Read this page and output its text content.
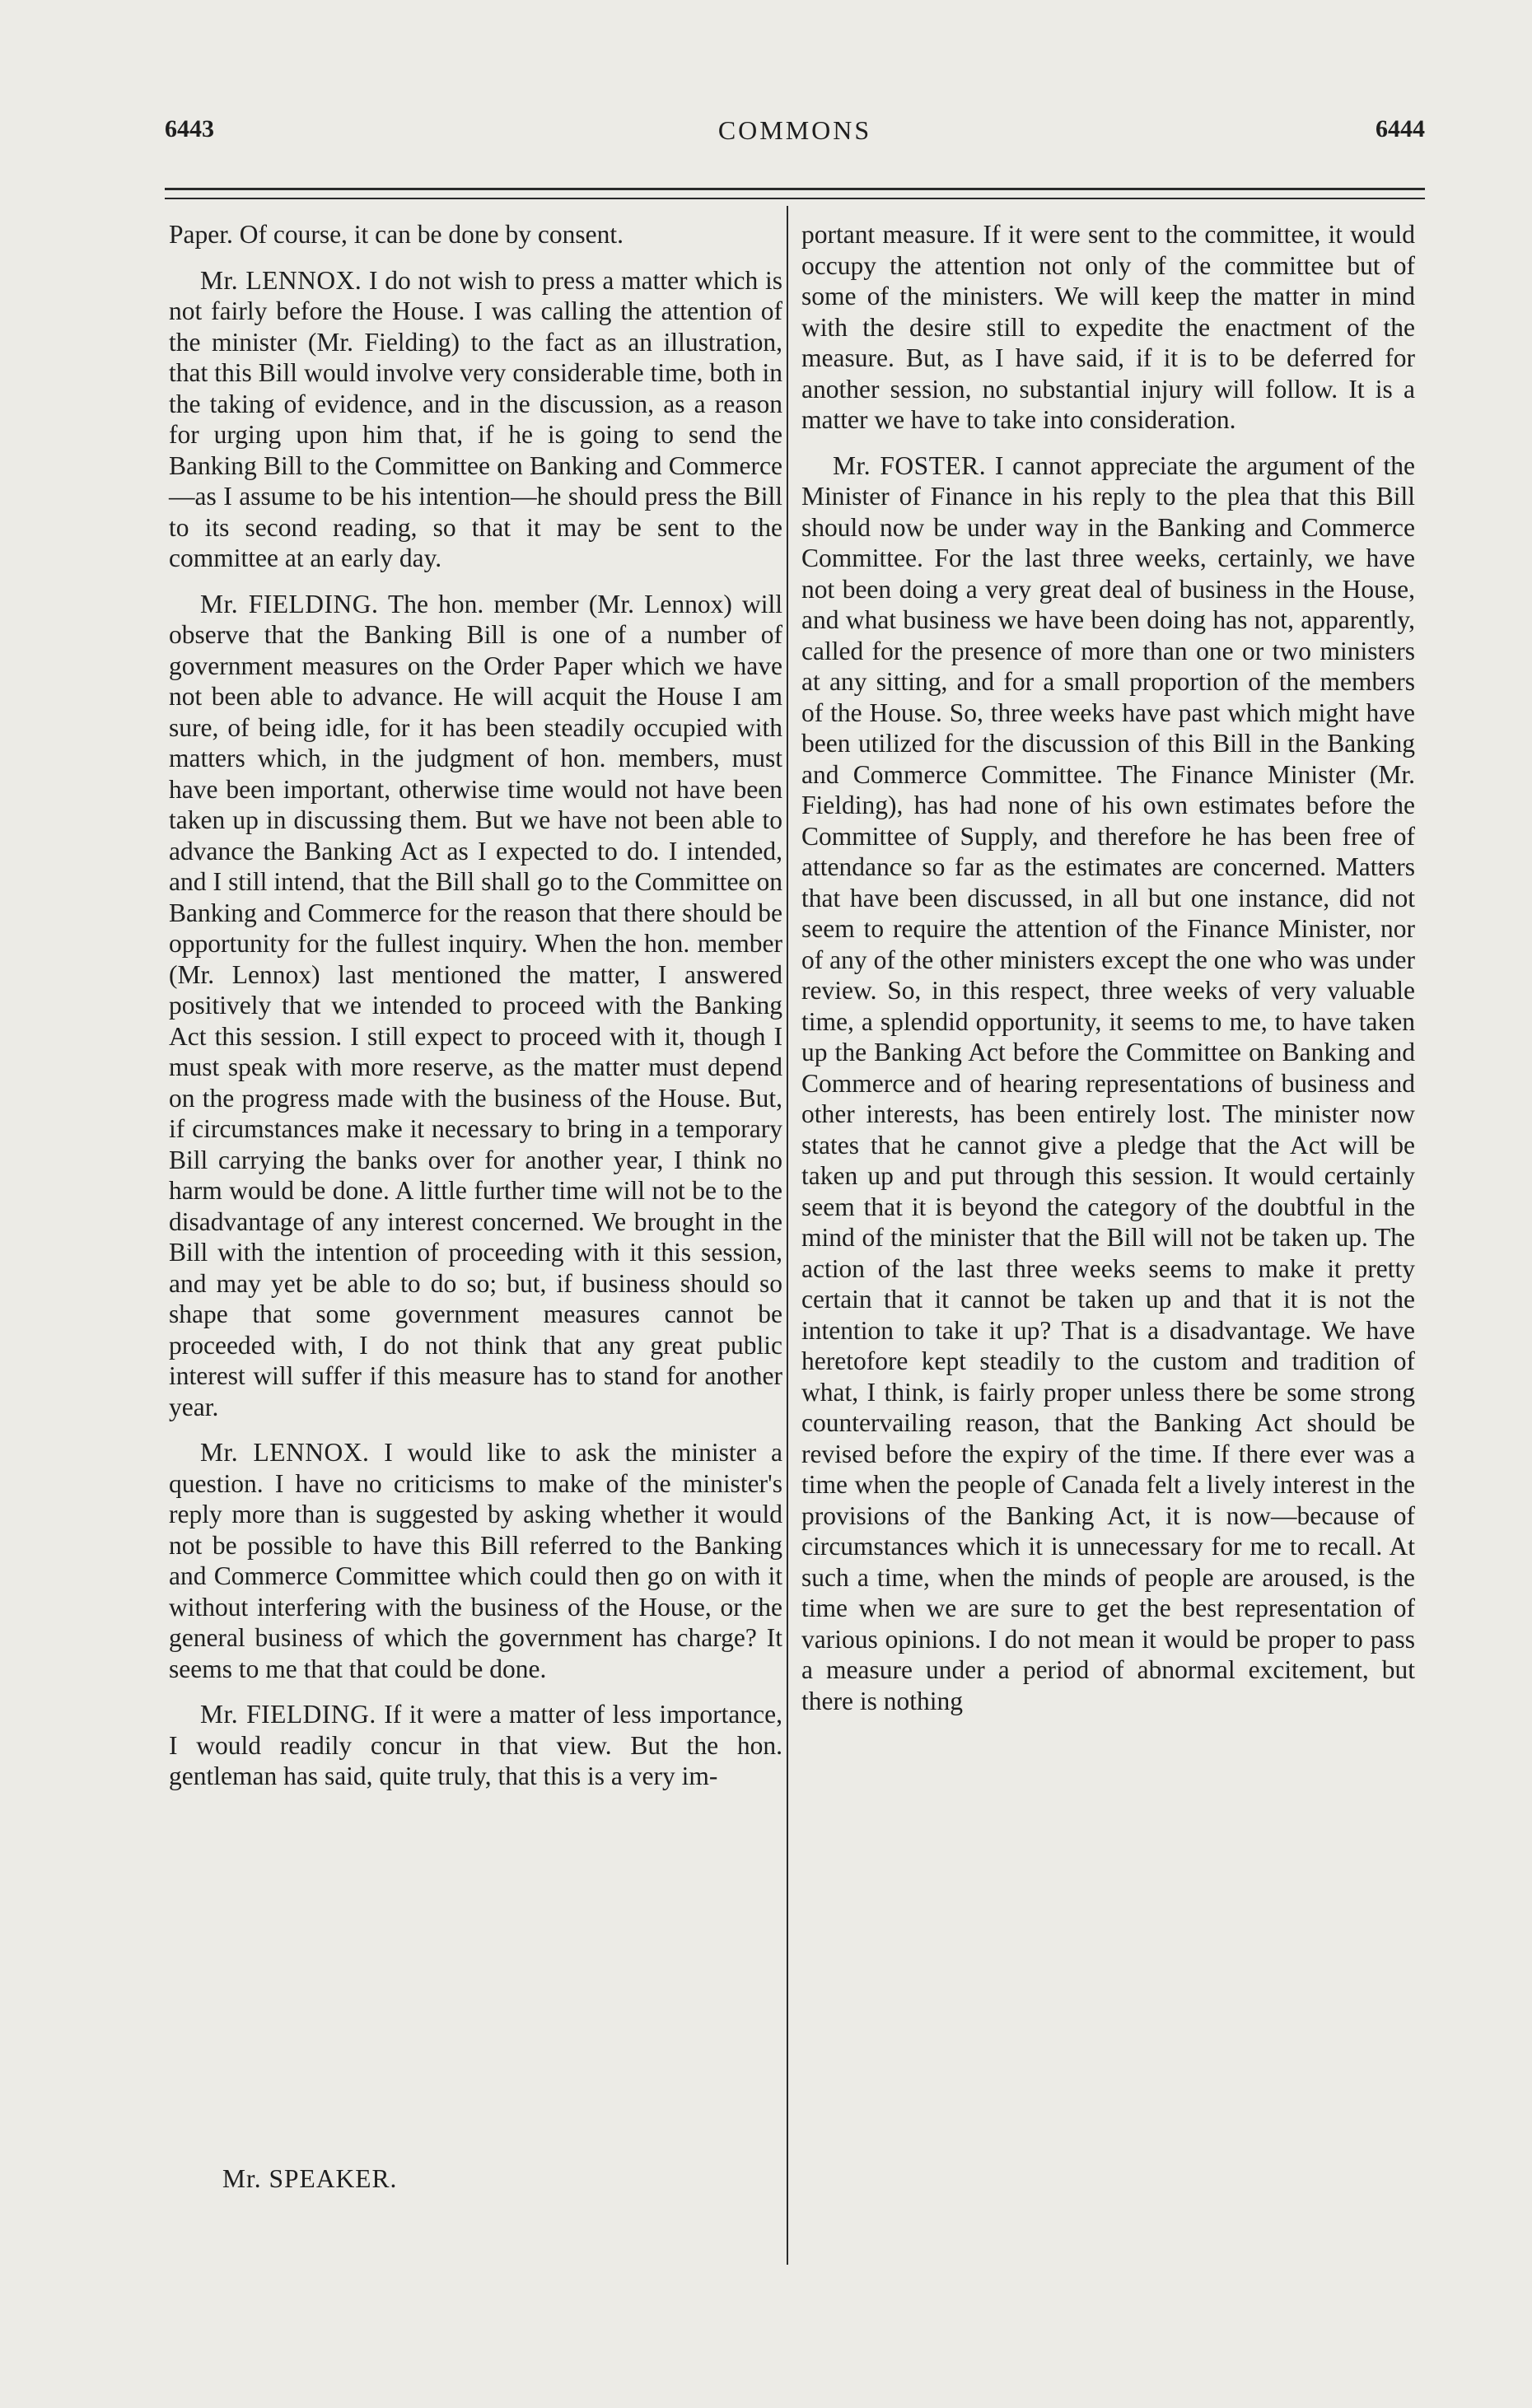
6443	COMMONS	6444

Paper. Of course, it can be done by consent.

Mr. LENNOX. I do not wish to press a matter which is not fairly before the House. I was calling the attention of the minister (Mr. Fielding) to the fact as an illustration, that this Bill would involve very considerable time, both in the taking of evidence, and in the discussion, as a reason for urging upon him that, if he is going to send the Banking Bill to the Committee on Banking and Commerce—as I assume to be his intention—he should press the Bill to its second reading, so that it may be sent to the committee at an early day.

Mr. FIELDING. The hon. member (Mr. Lennox) will observe that the Banking Bill is one of a number of government measures on the Order Paper which we have not been able to advance. He will acquit the House I am sure, of being idle, for it has been steadily occupied with matters which, in the judgment of hon. members, must have been important, otherwise time would not have been taken up in discussing them. But we have not been able to advance the Banking Act as I expected to do. I intended, and I still intend, that the Bill shall go to the Committee on Banking and Commerce for the reason that there should be opportunity for the fullest inquiry. When the hon. member (Mr. Lennox) last mentioned the matter, I answered positively that we intended to proceed with the Banking Act this session. I still expect to proceed with it, though I must speak with more reserve, as the matter must depend on the progress made with the business of the House. But, if circumstances make it necessary to bring in a temporary Bill carrying the banks over for another year, I think no harm would be done. A little further time will not be to the disadvantage of any interest concerned. We brought in the Bill with the intention of proceeding with it this session, and may yet be able to do so; but, if business should so shape that some government measures cannot be proceeded with, I do not think that any great public interest will suffer if this measure has to stand for another year.

Mr. LENNOX. I would like to ask the minister a question. I have no criticisms to make of the minister's reply more than is suggested by asking whether it would not be possible to have this Bill referred to the Banking and Commerce Committee which could then go on with it without interfering with the business of the House, or the general business of which the government has charge? It seems to me that that could be done.

Mr. FIELDING. If it were a matter of less importance, I would readily concur in that view. But the hon. gentleman has said, quite truly, that this is a very im-

portant measure. If it were sent to the committee, it would occupy the attention not only of the committee but of some of the ministers. We will keep the matter in mind with the desire still to expedite the enactment of the measure. But, as I have said, if it is to be deferred for another session, no substantial injury will follow. It is a matter we have to take into consideration.

Mr. FOSTER. I cannot appreciate the argument of the Minister of Finance in his reply to the plea that this Bill should now be under way in the Banking and Commerce Committee. For the last three weeks, certainly, we have not been doing a very great deal of business in the House, and what business we have been doing has not, apparently, called for the presence of more than one or two ministers at any sitting, and for a small proportion of the members of the House. So, three weeks have past which might have been utilized for the discussion of this Bill in the Banking and Commerce Committee. The Finance Minister (Mr. Fielding), has had none of his own estimates before the Committee of Supply, and therefore he has been free of attendance so far as the estimates are concerned. Matters that have been discussed, in all but one instance, did not seem to require the attention of the Finance Minister, nor of any of the other ministers except the one who was under review. So, in this respect, three weeks of very valuable time, a splendid opportunity, it seems to me, to have taken up the Banking Act before the Committee on Banking and Commerce and of hearing representations of business and other interests, has been entirely lost. The minister now states that he cannot give a pledge that the Act will be taken up and put through this session. It would certainly seem that it is beyond the category of the doubtful in the mind of the minister that the Bill will not be taken up. The action of the last three weeks seems to make it pretty certain that it cannot be taken up and that it is not the intention to take it up? That is a disadvantage. We have heretofore kept steadily to the custom and tradition of what, I think, is fairly proper unless there be some strong countervailing reason, that the Banking Act should be revised before the expiry of the time. If there ever was a time when the people of Canada felt a lively interest in the provisions of the Banking Act, it is now—because of circumstances which it is unnecessary for me to recall. At such a time, when the minds of people are aroused, is the time when we are sure to get the best representation of various opinions. I do not mean it would be proper to pass a measure under a period of abnormal excitement, but there is nothing

Mr. SPEAKER.
